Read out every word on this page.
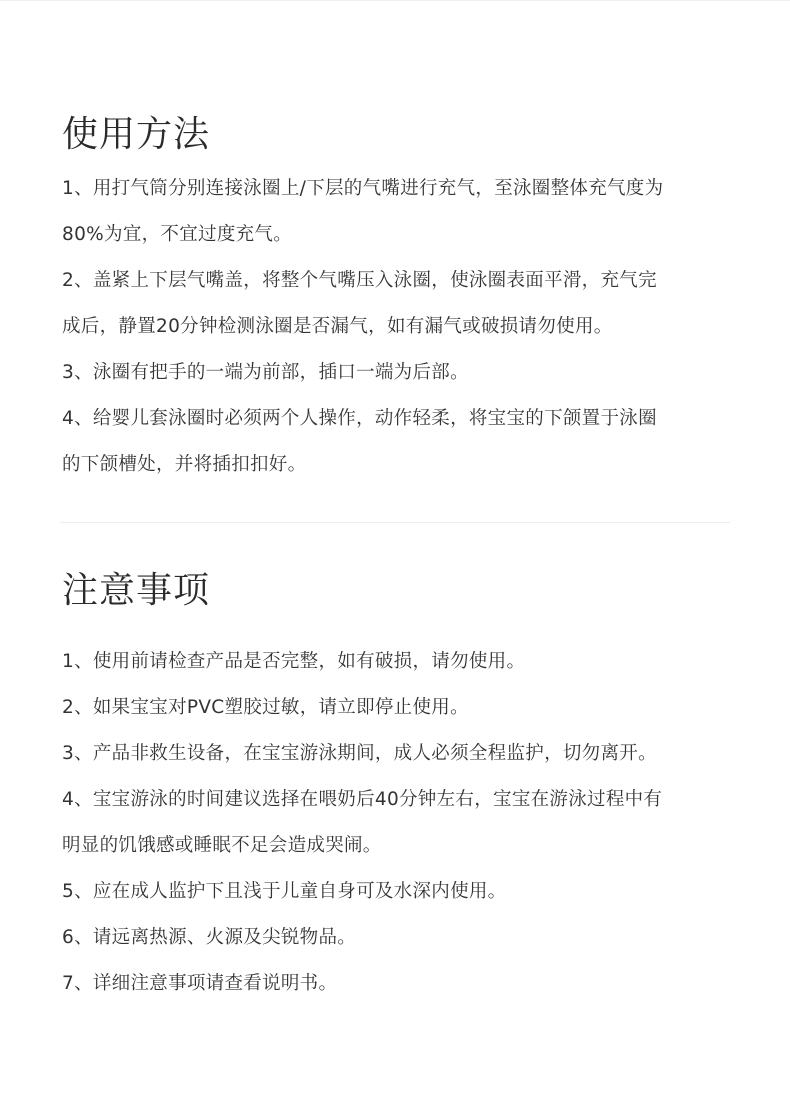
使用方法

1、用打气筒分别连接泳圈上/下层的气嘴进行充气，至泳圈整体充气度为

80%为宜，不宜过度充气。

2、盖紧上下层气嘴盖，将整个气嘴压入泳圈，使泳圈表面平滑，充气完

成后，静置20分钟检测泳圈是否漏气，如有漏气或破损请勿使用。

3、泳圈有把手的一端为前部，插口一端为后部。

4、给婴儿套泳圈时必须两个人操作，动作轻柔，将宝宝的下颌置于泳圈

的下颌槽处，并将插扣扣好。

注意事项

1、使用前请检查产品是否完整，如有破损，请勿使用。

2、如果宝宝对PVC塑胶过敏，请立即停止使用。

3、产品非救生设备，在宝宝游泳期间，成人必须全程监护，切勿离开。

4、宝宝游泳的时间建议选择在喂奶后40分钟左右，宝宝在游泳过程中有

明显的饥饿感或睡眠不足会造成哭闹。

5、应在成人监护下且浅于儿童自身可及水深内使用。

6、请远离热源、火源及尖锐物品。

7、详细注意事项请查看说明书。
